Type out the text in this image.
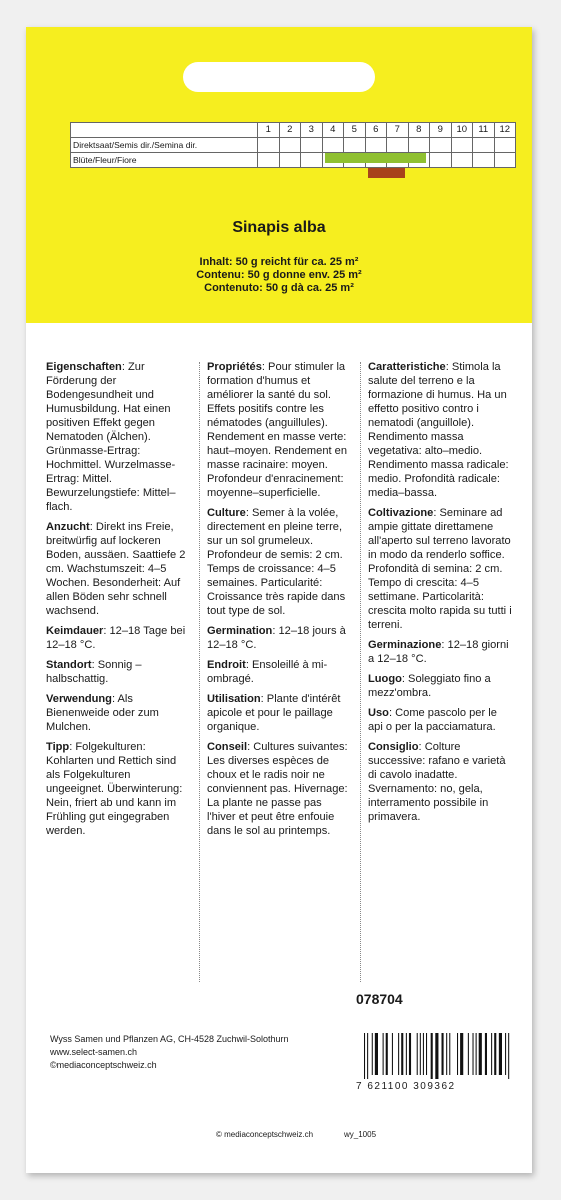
	1	2	3	4	5	6	7	8	9	10	11	12
Direktsaat/Semis dir./Semina dir.												
Blüte/Fleur/Fiore												
Sinapis alba
Inhalt: 50 g reicht für ca. 25 m²
Contenu: 50 g donne env. 25 m²
Contenuto: 50 g dà ca. 25 m²

Eigenschaften: Zur Förderung der Bodengesundheit und Humusbildung. Hat einen positiven Effekt gegen Nematoden (Älchen). Grünmasse-Ertrag: Hochmittel. Wurzelmasse-Ertrag: Mittel. Bewurzelungstiefe: Mittel–flach.

Anzucht: Direkt ins Freie, breitwürfig auf lockeren Boden, aussäen. Saattiefe 2 cm. Wachstumszeit: 4–5 Wochen. Besonderheit: Auf allen Böden sehr schnell wachsend.

Keimdauer: 12–18 Tage bei 12–18 °C.

Standort: Sonnig – halbschattig.

Verwendung: Als Bienenweide oder zum Mulchen.

Tipp: Folgekulturen: Kohlarten und Rettich sind als Folgekulturen ungeeignet. Überwinterung: Nein, friert ab und kann im Frühling gut eingegraben werden.

Propriétés: Pour stimuler la formation d'humus et améliorer la santé du sol. Effets positifs contre les nématodes (anguillules). Rendement en masse verte: haut–moyen. Rendement en masse racinaire: moyen. Profondeur d'enracinement: moyenne–superficielle.

Culture: Semer à la volée, directement en pleine terre, sur un sol grumeleux. Profondeur de semis: 2 cm. Temps de croissance: 4–5 semaines. Particularité: Croissance très rapide dans tout type de sol.

Germination: 12–18 jours à 12–18 °C.

Endroit: Ensoleillé à mi-ombragé.

Utilisation: Plante d'intérêt apicole et pour le paillage organique.

Conseil: Cultures suivantes: Les diverses espèces de choux et le radis noir ne conviennent pas. Hivernage: La plante ne passe pas l'hiver et peut être enfouie dans le sol au printemps.

Caratteristiche: Stimola la salute del terreno e la formazione di humus. Ha un effetto positivo contro i nematodi (anguillole). Rendimento massa vegetativa: alto–medio. Rendimento massa radicale: medio. Profondità radicale: media–bassa.

Coltivazione: Seminare ad ampie gittate direttamene all'aperto sul terreno lavorato in modo da renderlo soffice. Profondità di semina: 2 cm. Tempo di crescita: 4–5 settimane. Particolarità: crescita molto rapida su tutti i terreni.

Germinazione: 12–18 giorni a 12–18 °C.

Luogo: Soleggiato fino a mezz'ombra.

Uso: Come pascolo per le api o per la pacciamatura.

Consiglio: Colture successive: rafano e varietà di cavolo inadatte. Svernamento: no, gela, interramento possibile in primavera.

078704
Wyss Samen und Pflanzen AG, CH-4528 Zuchwil-Solothurn
www.select-samen.ch
©mediaconceptschweiz.ch
7 621100 309362
© mediaconceptschweiz.ch	wy_1005
